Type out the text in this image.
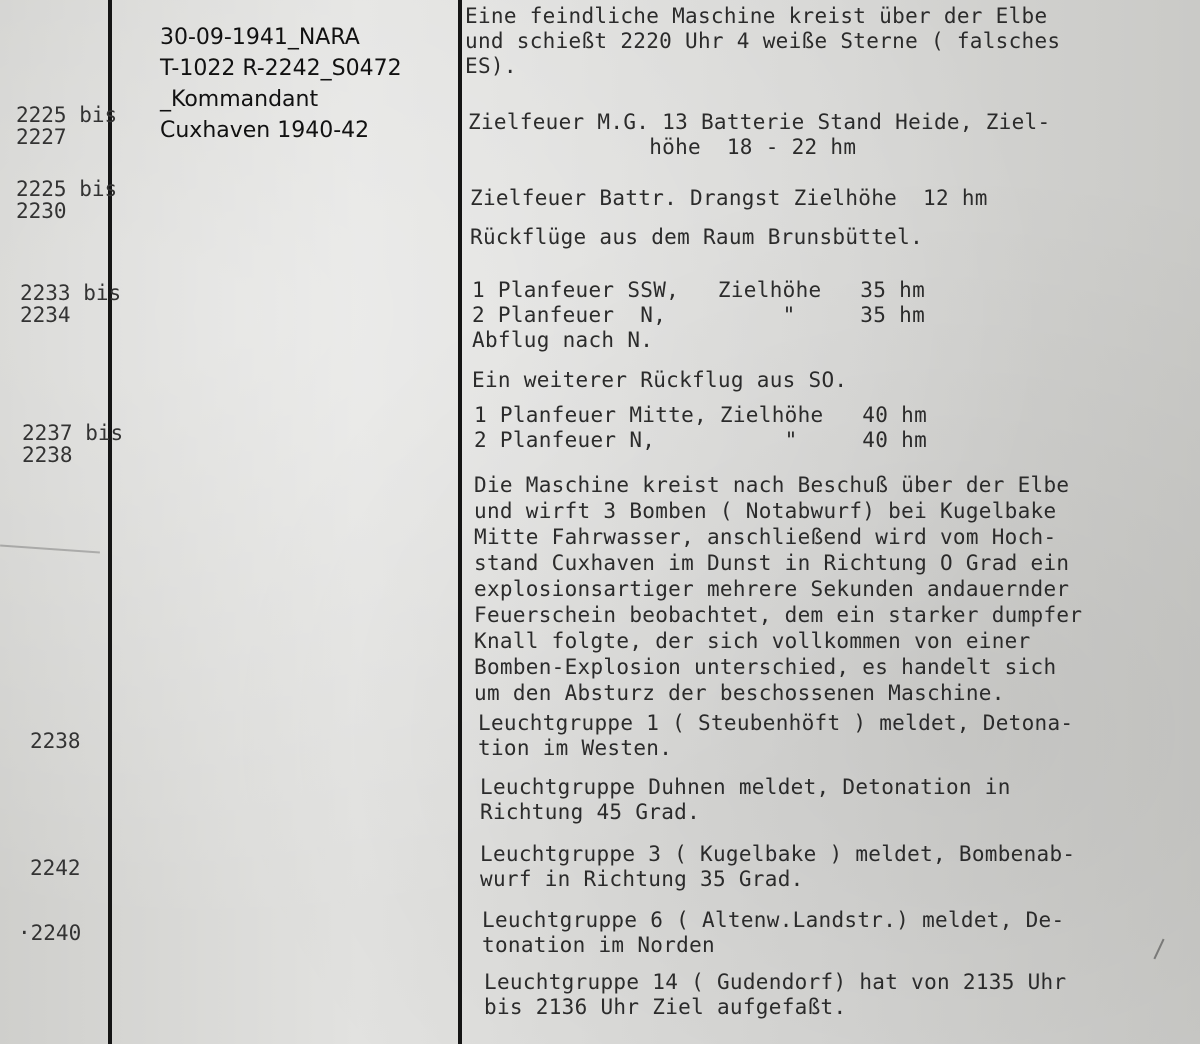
30-09-1941_NARA
T-1022 R-2242_S0472
_Kommandant
Cuxhaven 1940-42
2225 bis
2227
2225 bis
2230
2233 bis
2234
2237 bis
2238
2238
2242
·2240
Eine feindliche Maschine kreist über der Elbe
und schießt 2220 Uhr 4 weiße Sterne ( falsches
ES).
Zielfeuer M.G. 13 Batterie Stand Heide, Ziel-
höhe  18 - 22 hm
Zielfeuer Battr. Drangst Zielhöhe  12 hm
Rückflüge aus dem Raum Brunsbüttel.
1 Planfeuer SSW,   Zielhöhe   35 hm
2 Planfeuer  N,         "     35 hm
Abflug nach N.
Ein weiterer Rückflug aus SO.
1 Planfeuer Mitte, Zielhöhe   40 hm
2 Planfeuer N,          "     40 hm
Die Maschine kreist nach Beschuß über der Elbe
und wirft 3 Bomben ( Notabwurf) bei Kugelbake
Mitte Fahrwasser, anschließend wird vom Hoch-
stand Cuxhaven im Dunst in Richtung O Grad ein
explosionsartiger mehrere Sekunden andauernder
Feuerschein beobachtet, dem ein starker dumpfer
Knall folgte, der sich vollkommen von einer
Bomben-Explosion unterschied, es handelt sich
um den Absturz der beschossenen Maschine.
Leuchtgruppe 1 ( Steubenhöft ) meldet, Detona-
tion im Westen.
Leuchtgruppe Duhnen meldet, Detonation in
Richtung 45 Grad.
Leuchtgruppe 3 ( Kugelbake ) meldet, Bombenab-
wurf in Richtung 35 Grad.
Leuchtgruppe 6 ( Altenw.Landstr.) meldet, De-
tonation im Norden
Leuchtgruppe 14 ( Gudendorf) hat von 2135 Uhr
bis 2136 Uhr Ziel aufgefaßt.
